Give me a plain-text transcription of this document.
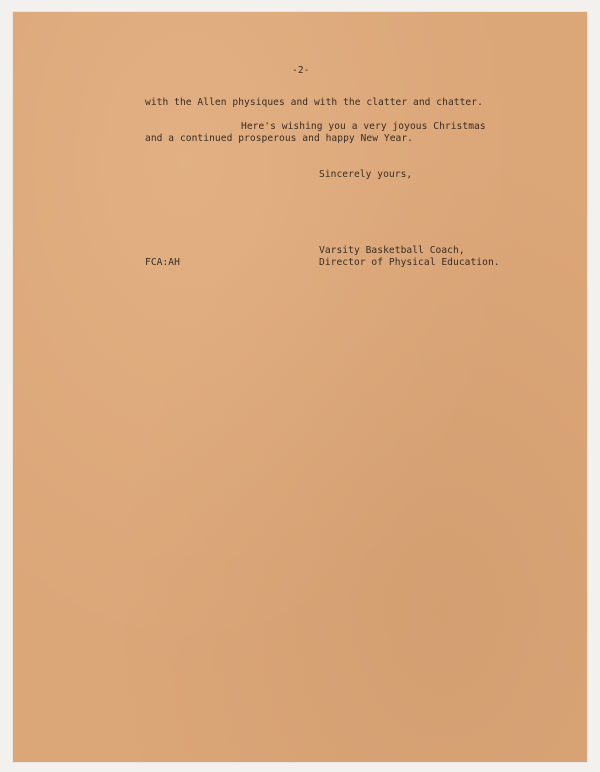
-2-
with the Allen physiques and with the clatter and chatter.
Here's wishing you a very joyous Christmas
and a continued prosperous and happy New Year.
Sincerely yours,
Varsity Basketball Coach,
Director of Physical Education.
FCA:AH
